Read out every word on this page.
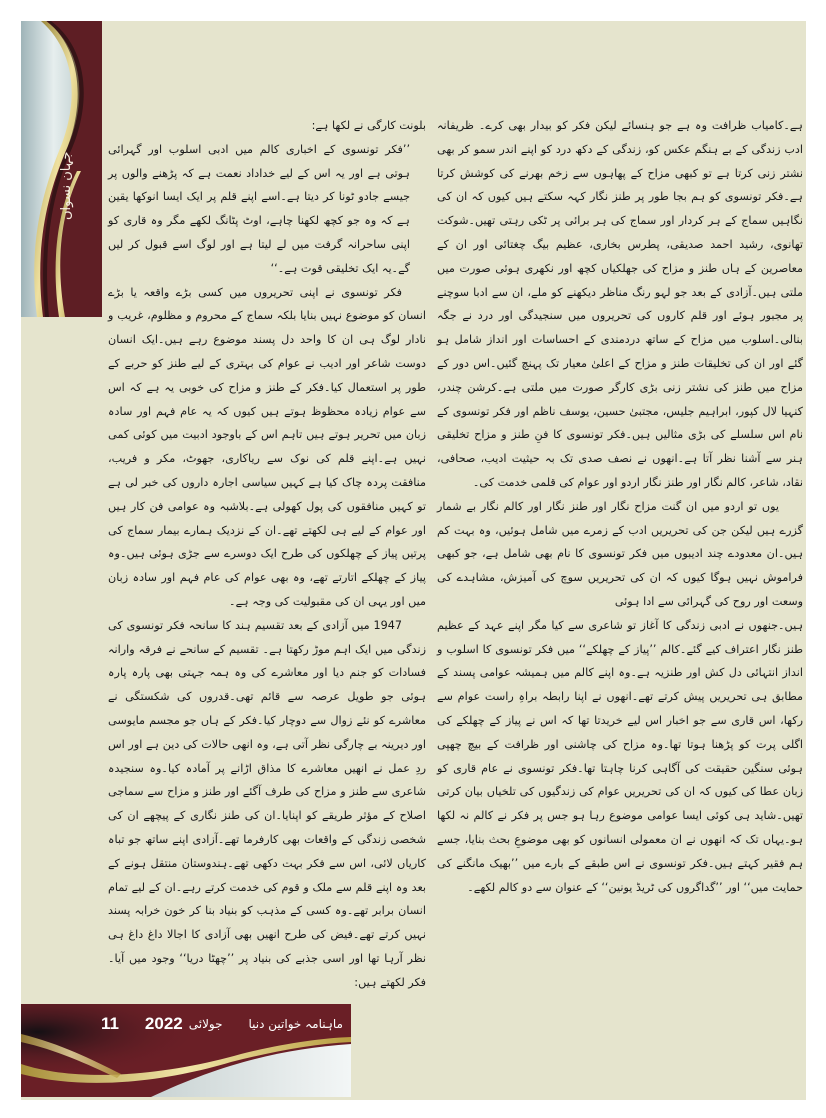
جہان نسواں

ہے۔کامیاب ظرافت وہ ہے جو ہنسائے لیکن فکر کو بیدار بھی کرے۔ ظریفانہ ادب زندگی کے بے ہنگم عکس کو، زندگی کے دکھ درد کو اپنے اندر سمو کر بھی نشتر زنی کرتا ہے تو کبھی مزاح کے پھاہوں سے زخم بھرنے کی کوشش کرتا ہے۔فکر تونسوی کو ہم بجا طور پر طنز نگار کہہ سکتے ہیں کیوں کہ ان کی نگاہیں سماج کے ہر کردار اور سماج کی ہر برائی پر ٹکی رہتی تھیں۔شوکت تھانوی، رشید احمد صدیقی، پطرس بخاری، عظیم بیگ چغتائی اور ان کے معاصرین کے ہاں طنز و مزاح کی جھلکیاں کچھ اور نکھری ہوئی صورت میں ملتی ہیں۔آزادی کے بعد جو لہو رنگ مناظر دیکھنے کو ملے، ان سے ادبا سوچنے پر مجبور ہوئے اور قلم کاروں کی تحریروں میں سنجیدگی اور درد نے جگہ بنالی۔اسلوب میں مزاح کے ساتھ دردمندی کے احساسات اور انداز شامل ہو گئے اور ان کی تخلیقات طنز و مزاح کے اعلیٰ معیار تک پہنچ گئیں۔اس دور کے مزاح میں طنز کی نشتر زنی بڑی کارگر صورت میں ملتی ہے۔کرشن چندر، کنہیا لال کپور، ابراہیم جلیس، مجتبیٰ حسین، یوسف ناظم اور فکر تونسوی کے نام اس سلسلے کی بڑی مثالیں ہیں۔فکر تونسوی کا فنِ طنز و مزاح تخلیقی ہنر سے آشنا نظر آتا ہے۔انھوں نے نصف صدی تک بہ حیثیت ادیب، صحافی، نقاد، شاعر، کالم نگار اور طنز نگار اردو اور عوام کی قلمی خدمت کی۔

یوں تو اردو میں ان گنت مزاح نگار اور طنز نگار اور کالم نگار بے شمار گزرے ہیں لیکن جن کی تحریریں ادب کے زمرے میں شامل ہوئیں، وہ بہت کم ہیں۔ان معدودے چند ادیبوں میں فکر تونسوی کا نام بھی شامل ہے، جو کبھی فراموش نہیں ہوگا کیوں کہ ان کی تحریریں سوچ کی آمیزش، مشاہدے کی وسعت اور روح کی گہرائی سے ادا ہوئی

ہیں۔جنھوں نے ادبی زندگی کا آغاز تو شاعری سے کیا مگر اپنے عہد کے عظیم طنز نگار اعتراف کیے گئے۔کالم ’’پیاز کے چھلکے‘‘ میں فکر تونسوی کا اسلوب و انداز انتہائی دل کش اور طنزیہ ہے۔وہ اپنے کالم میں ہمیشہ عوامی پسند کے مطابق ہی تحریریں پیش کرتے تھے۔انھوں نے اپنا رابطہ براہِ راست عوام سے رکھا، اس قاری سے جو اخبار اس لیے خریدتا تھا کہ اس نے پیاز کے چھلکے کی اگلی پرت کو پڑھنا ہوتا تھا۔وہ مزاح کی چاشنی اور ظرافت کے بیچ چھپی ہوئی سنگین حقیقت کی آگاہی کرنا چاہتا تھا۔فکر تونسوی نے عام قاری کو زبان عطا کی کیوں کہ ان کی تحریریں عوام کی زندگیوں کی تلخیاں بیان کرتی تھیں۔شاید ہی کوئی ایسا عوامی موضوع رہا ہو جس پر فکر نے کالم نہ لکھا ہو۔یہاں تک کہ انھوں نے ان معمولی انسانوں کو بھی موضوعِ بحث بنایا، جسے ہم فقیر کہتے ہیں۔فکر تونسوی نے اس طبقے کے بارے میں ’’بھیک مانگنے کی حمایت میں‘‘ اور ’’گداگروں کی ٹریڈ یونین‘‘ کے عنوان سے دو کالم لکھے۔

بلونت کارگی نے لکھا ہے:

’’فکر تونسوی کے اخباری کالم میں ادبی اسلوب اور گہرائی ہوتی ہے اور یہ اس کے لیے خداداد نعمت ہے کہ پڑھنے والوں پر جیسے جادو ٹونا کر دیتا ہے۔اسے اپنے قلم پر ایک ایسا انوکھا یقین ہے کہ وہ جو کچھ لکھنا چاہے، اوٹ پٹانگ لکھے مگر وہ قاری کو اپنی ساحرانہ گرفت میں لے لیتا ہے اور لوگ اسے قبول کر لیں گے۔یہ ایک تخلیقی قوت ہے۔‘‘

فکر تونسوی نے اپنی تحریروں میں کسی بڑے واقعہ یا بڑے انسان کو موضوع نہیں بنایا بلکہ سماج کے محروم و مظلوم، غریب و نادار لوگ ہی ان کا واحد دل پسند موضوع رہے ہیں۔ایک انسان دوست شاعر اور ادیب نے عوام کی بہتری کے لیے طنز کو حربے کے طور پر استعمال کیا۔فکر کے طنز و مزاح کی خوبی یہ ہے کہ اس سے عوام زیادہ محظوظ ہوتے ہیں کیوں کہ یہ عام فہم اور سادہ زبان میں تحریر ہوتے ہیں تاہم اس کے باوجود ادبیت میں کوئی کمی نہیں ہے۔اپنے قلم کی نوک سے ریاکاری، جھوٹ، مکر و فریب، منافقت پردہ چاک کیا ہے کہیں سیاسی اجارہ داروں کی خبر لی ہے تو کہیں منافقوں کی پول کھولی ہے۔بلاشبہ وہ عوامی فن کار ہیں اور عوام کے لیے ہی لکھتے تھے۔ان کے نزدیک ہمارے بیمار سماج کی پرتیں پیاز کے چھلکوں کی طرح ایک دوسرے سے جڑی ہوئی ہیں۔وہ پیاز کے چھلکے اتارتے تھے، وہ بھی عوام کی عام فہم اور سادہ زبان میں اور یہی ان کی مقبولیت کی وجہ ہے۔

1947 میں آزادی کے بعد تقسیم ہند کا سانحہ فکر تونسوی کی زندگی میں ایک اہم موڑ رکھتا ہے۔ تقسیم کے سانحے نے فرقہ وارانہ فسادات کو جنم دیا اور معاشرے کی وہ ہمہ جہتی بھی پارہ پارہ ہوئی جو طویل عرصہ سے قائم تھی۔قدروں کی شکستگی نے معاشرے کو نئے زوال سے دوچار کیا۔فکر کے ہاں جو مجسم مایوسی اور دیرینہ بے چارگی نظر آتی ہے، وہ انھی حالات کی دین ہے اور اس ردِ عمل نے انھیں معاشرے کا مذاق اڑانے پر آمادہ کیا۔وہ سنجیدہ شاعری سے طنز و مزاح کی طرف آگئے اور طنز و مزاح سے سماجی اصلاح کے مؤثر طریقے کو اپنایا۔ان کی طنز نگاری کے پیچھے ان کی شخصی زندگی کے واقعات بھی کارفرما تھے۔آزادی اپنے ساتھ جو تباہ کاریاں لائی، اس سے فکر بہت دکھی تھے۔ہندوستان منتقل ہونے کے بعد وہ اپنے قلم سے ملک و قوم کی خدمت کرتے رہے۔ان کے لیے تمام انسان برابر تھے۔وہ کسی کے مذہب کو بنیاد بنا کر خون خرابہ پسند نہیں کرتے تھے۔فیض کی طرح انھیں بھی آزادی کا اجالا داغ داغ ہی نظر آرہا تھا اور اسی جذبے کی بنیاد پر ’’چھٹا دریا‘‘ وجود میں آیا۔فکر لکھتے ہیں:

11 2022 جولائی ماہنامہ خواتین دنیا
